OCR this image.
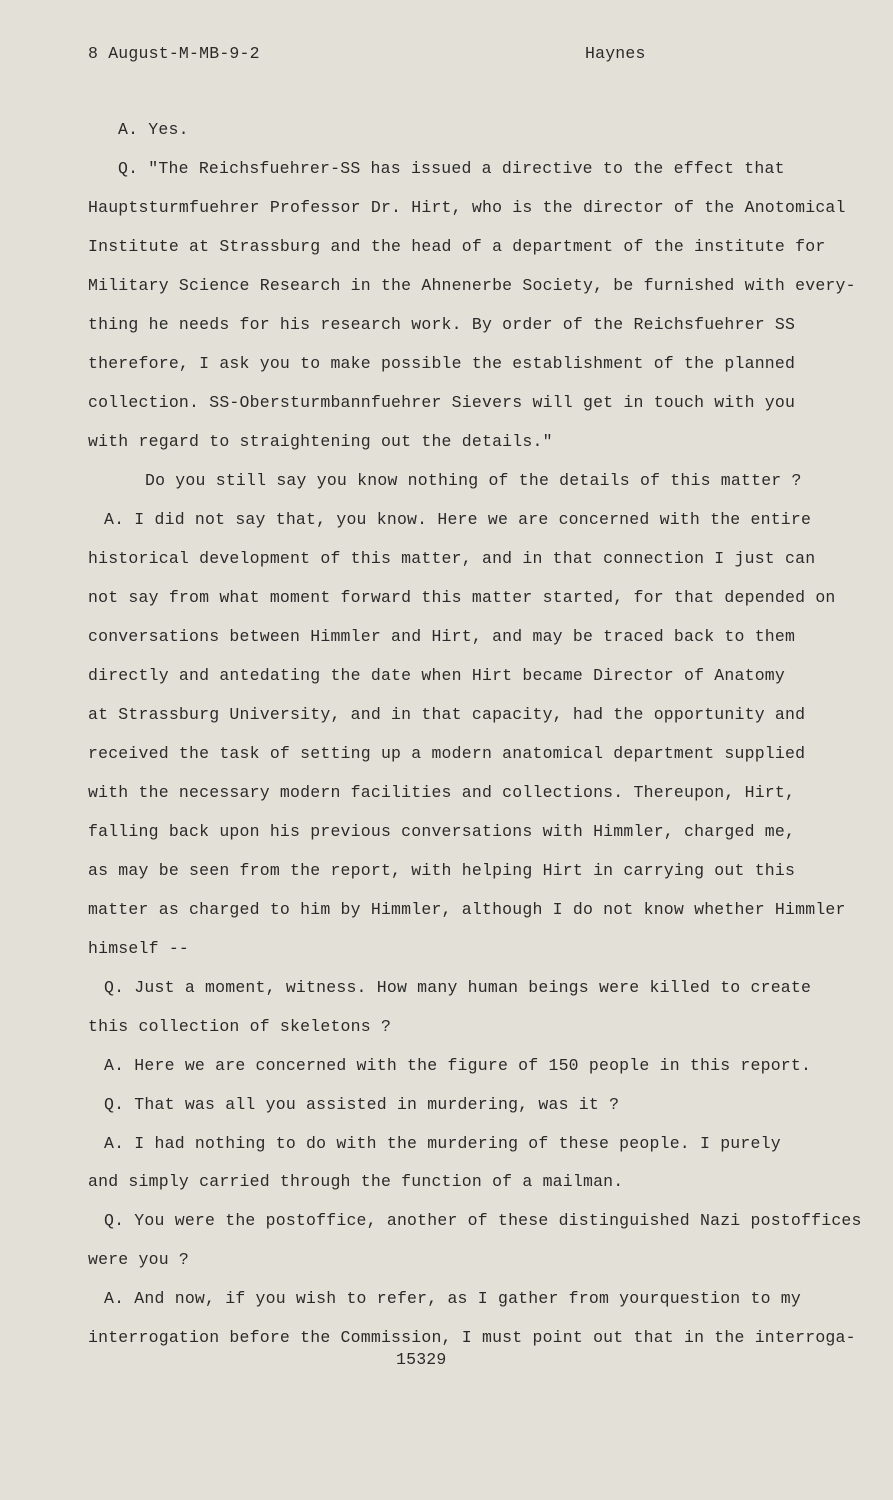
8 August-M-MB-9-2	Haynes
A. Yes.
Q. "The Reichsfuehrer-SS has issued a directive to the effect that
Hauptsturmfuehrer Professor Dr. Hirt, who is the director of the Anotomical
Institute at Strassburg and the head of a department of the institute for
Military Science Research in the Ahnenerbe Society, be furnished with every-
thing he needs for his research work. By order of the Reichsfuehrer SS
therefore, I ask you to make possible the establishment of the planned
collection. SS-Obersturmbannfuehrer Sievers will get in touch with you
with regard to straightening out the details."
Do you still say you know nothing of the details of this matter ?
A. I did not say that, you know. Here we are concerned with the entire
historical development of this matter, and in that connection I just can
not say from what moment forward this matter started, for that depended on
conversations between Himmler and Hirt, and may be traced back to them
directly and antedating the date when Hirt became Director of Anatomy
at Strassburg University, and in that capacity, had the opportunity and
received the task of setting up a modern anatomical department supplied
with the necessary modern facilities and collections. Thereupon, Hirt,
falling back upon his previous conversations with Himmler, charged me,
as may be seen from the report, with helping Hirt in carrying out this
matter as charged to him by Himmler, although I do not know whether Himmler
himself --
Q. Just a moment, witness. How many human beings were killed to create
this collection of skeletons ?
A. Here we are concerned with the figure of 150 people in this report.
Q. That was all you assisted in murdering, was it ?
A. I had nothing to do with the murdering of these people. I purely
and simply carried through the function of a mailman.
Q. You were the postoffice, another of these distinguished Nazi postoffices
were you ?
A. And now, if you wish to refer, as I gather from yourquestion to my
interrogation before the Commission, I must point out that in the interroga-
15329
